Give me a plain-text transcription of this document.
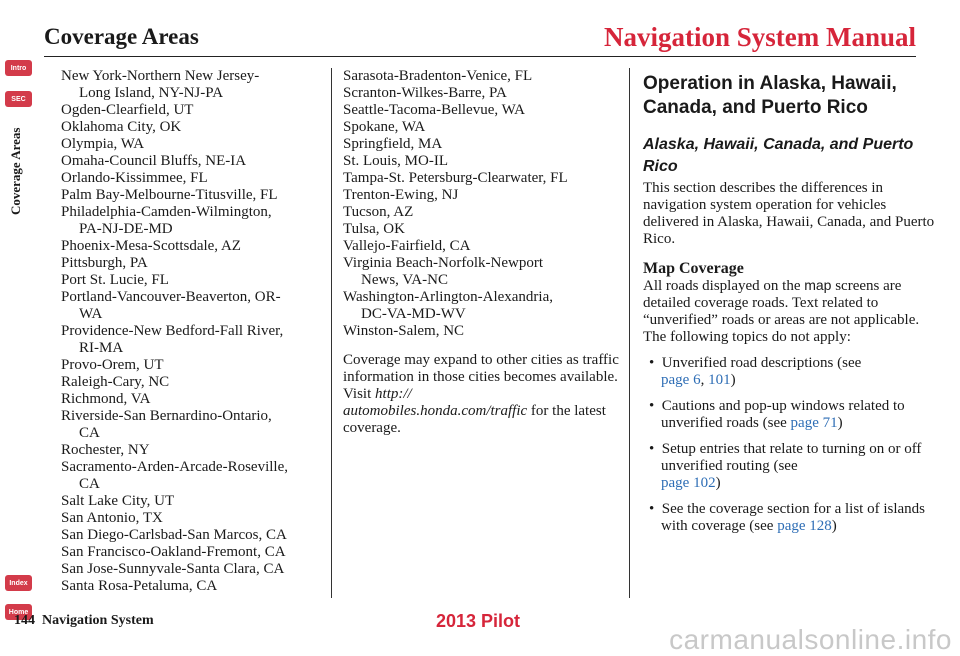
Coverage Areas	Navigation System Manual
Intro
SEC
Coverage Areas
Index
Home
New York-Northern New Jersey-
Long Island, NY-NJ-PA
Ogden-Clearfield, UT
Oklahoma City, OK
Olympia, WA
Omaha-Council Bluffs, NE-IA
Orlando-Kissimmee, FL
Palm Bay-Melbourne-Titusville, FL
Philadelphia-Camden-Wilmington,
PA-NJ-DE-MD
Phoenix-Mesa-Scottsdale, AZ
Pittsburgh, PA
Port St. Lucie, FL
Portland-Vancouver-Beaverton, OR-
WA
Providence-New Bedford-Fall River,
RI-MA
Provo-Orem, UT
Raleigh-Cary, NC
Richmond, VA
Riverside-San Bernardino-Ontario,
CA
Rochester, NY
Sacramento-Arden-Arcade-Roseville,
CA
Salt Lake City, UT
San Antonio, TX
San Diego-Carlsbad-San Marcos, CA
San Francisco-Oakland-Fremont, CA
San Jose-Sunnyvale-Santa Clara, CA
Santa Rosa-Petaluma, CA
Sarasota-Bradenton-Venice, FL
Scranton-Wilkes-Barre, PA
Seattle-Tacoma-Bellevue, WA
Spokane, WA
Springfield, MA
St. Louis, MO-IL
Tampa-St. Petersburg-Clearwater, FL
Trenton-Ewing, NJ
Tucson, AZ
Tulsa, OK
Vallejo-Fairfield, CA
Virginia Beach-Norfolk-Newport
News, VA-NC
Washington-Arlington-Alexandria,
DC-VA-MD-WV
Winston-Salem, NC
Coverage may expand to other cities as traffic information in those cities becomes available. Visit http://
automobiles.honda.com/traffic for the latest coverage.
Operation in Alaska, Hawaii, Canada, and Puerto Rico
Alaska, Hawaii, Canada, and Puerto Rico
This section describes the differences in navigation system operation for vehicles delivered in Alaska, Hawaii, Canada, and Puerto Rico.
Map Coverage
All roads displayed on the map screens are detailed coverage roads. Text related to “unverified” roads or areas are not applicable. The following topics do not apply:
•  Unverified road descriptions (see
page 6, 101)
•  Cautions and pop-up windows related to unverified roads (see page 71)
•  Setup entries that relate to turning on or off unverified routing (see
page 102)
•  See the coverage section for a list of islands with coverage (see page 128)
144 Navigation System	2013 Pilot
carmanualsonline.info
